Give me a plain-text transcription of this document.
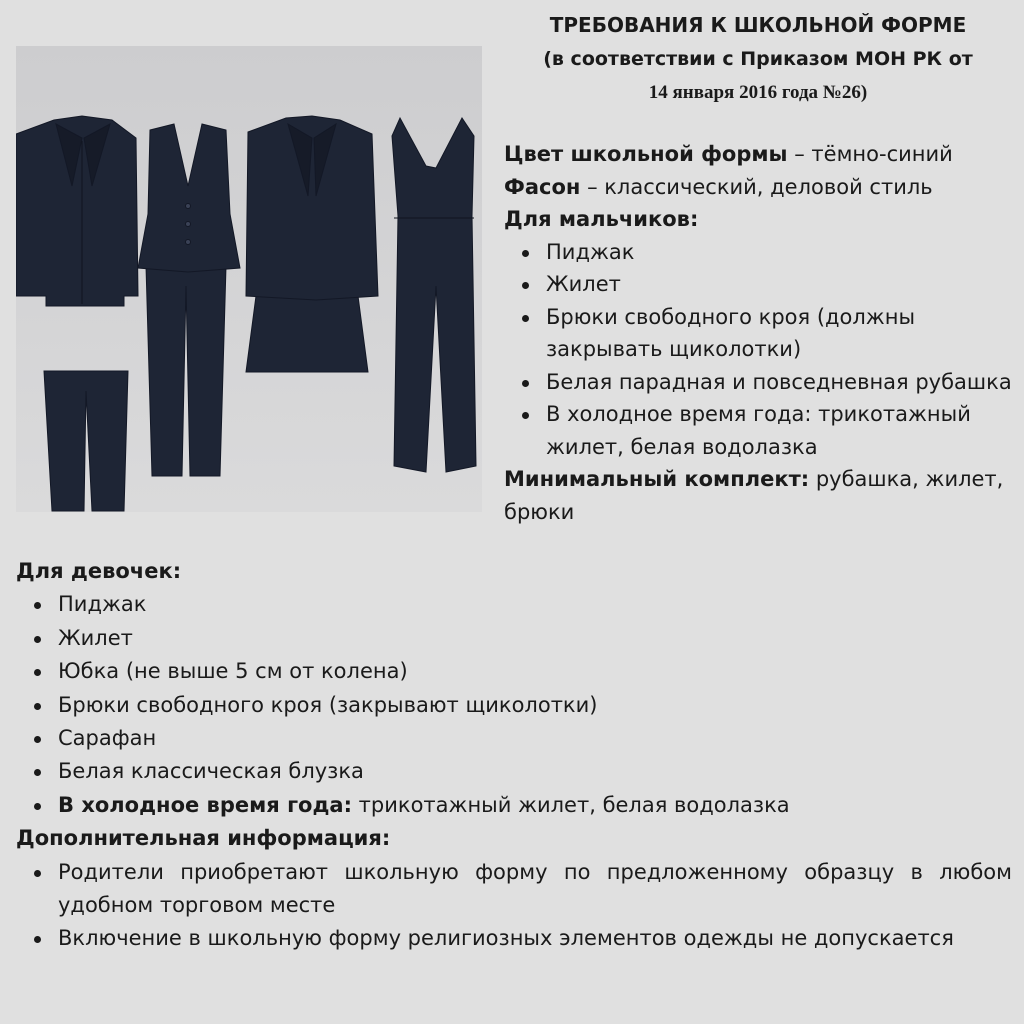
ТРЕБОВАНИЯ К ШКОЛЬНОЙ ФОРМЕ
(в соответствии с Приказом МОН РК от
14 января 2016 года №26)

Цвет школьной формы – тёмно-синий

Фасон – классический, деловой стиль

Для мальчиков:

Пиджак
Жилет
Брюки свободного кроя (должны закрывать щиколотки)
Белая парадная и повседневная рубашка
В холодное время года: трикотажный жилет, белая водолазка

Минимальный комплект: рубашка, жилет, брюки

Для девочек:

Пиджак
Жилет
Юбка (не выше 5 см от колена)
Брюки свободного кроя (закрывают щиколотки)
Сарафан
Белая классическая блузка
В холодное время года: трикотажный жилет, белая водолазка

Дополнительная информация:

Родители приобретают школьную форму по предложенному образцу в любом удобном торговом месте
Включение в школьную форму религиозных элементов одежды не допускается
